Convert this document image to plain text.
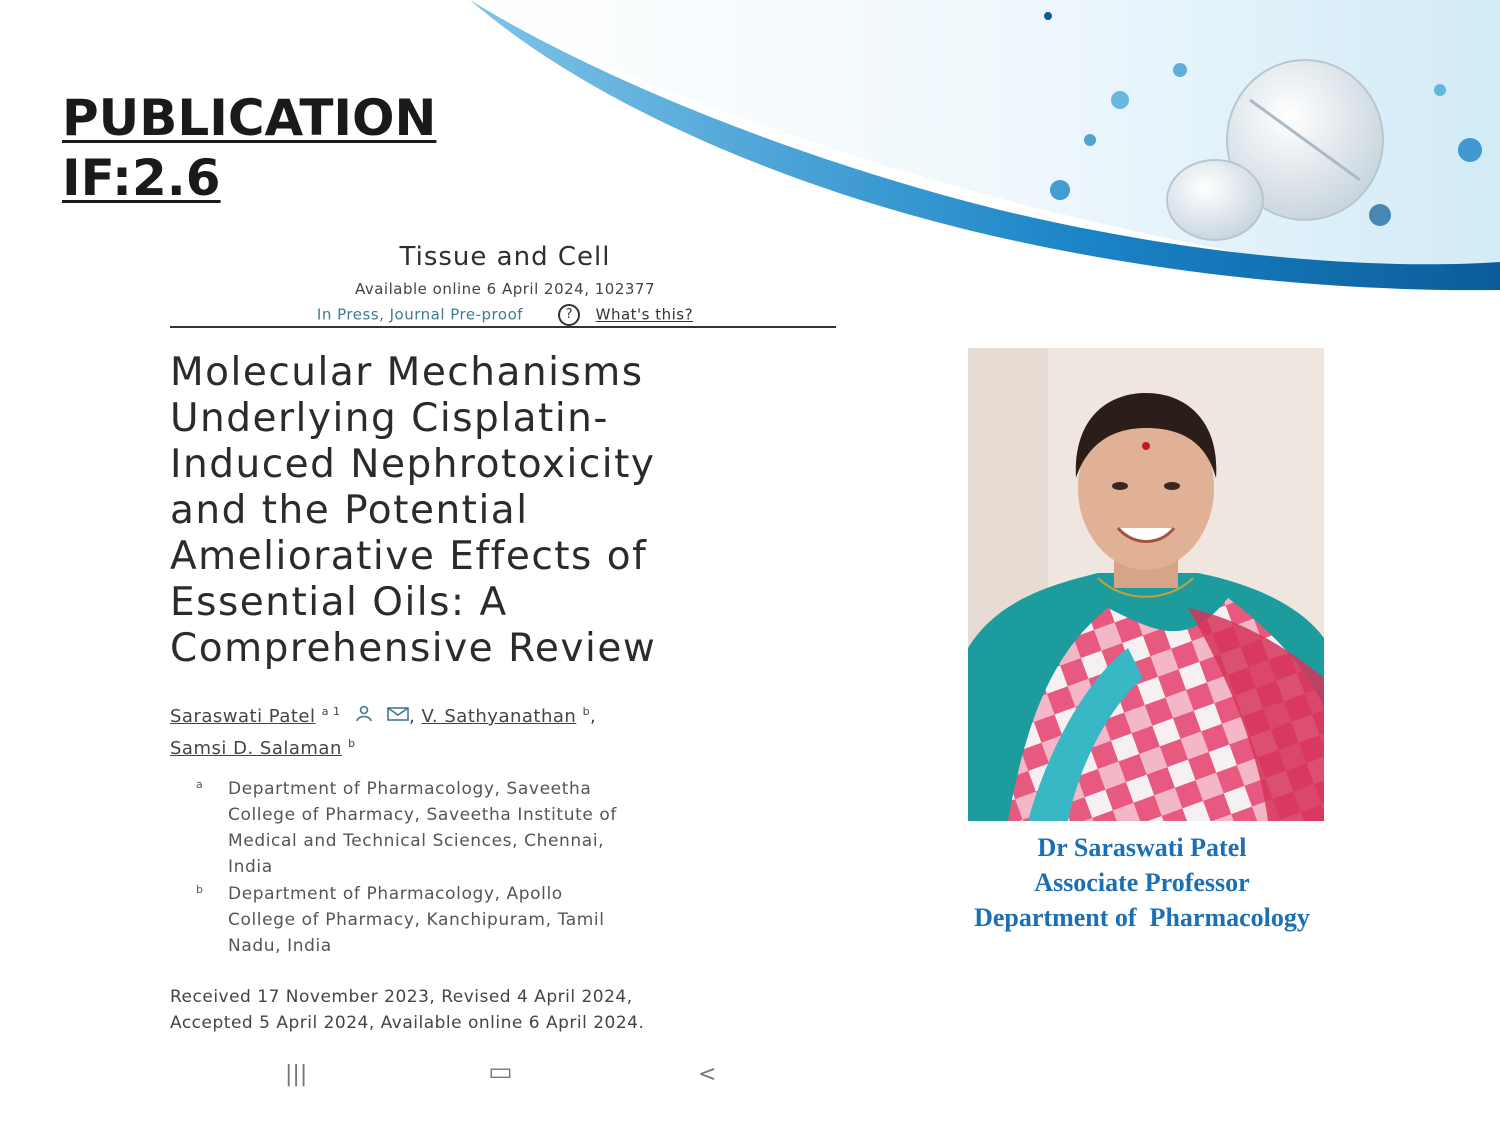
PUBLICATION
IF:2.6
Tissue and Cell
Available online 6 April 2024, 102377
In Press, Journal Pre-proof	? What's this?
Molecular Mechanisms
Underlying Cisplatin-
Induced Nephrotoxicity
and the Potential
Ameliorative Effects of
Essential Oils: A
Comprehensive Review
Saraswati Patel $^{a 1}$	, V. Sathyanathan $^b$,
Samsi D. Salaman $^b$
a Department of Pharmacology, Saveetha
College of Pharmacy, Saveetha Institute of
Medical and Technical Sciences, Chennai,
India
b Department of Pharmacology, Apollo
College of Pharmacy, Kanchipuram, Tamil
Nadu, India
Received 17 November 2023, Revised 4 April 2024,
Accepted 5 April 2024, Available online 6 April 2024.
|||	▭	<
Dr Saraswati Patel
Associate Professor
Department of  Pharmacology
